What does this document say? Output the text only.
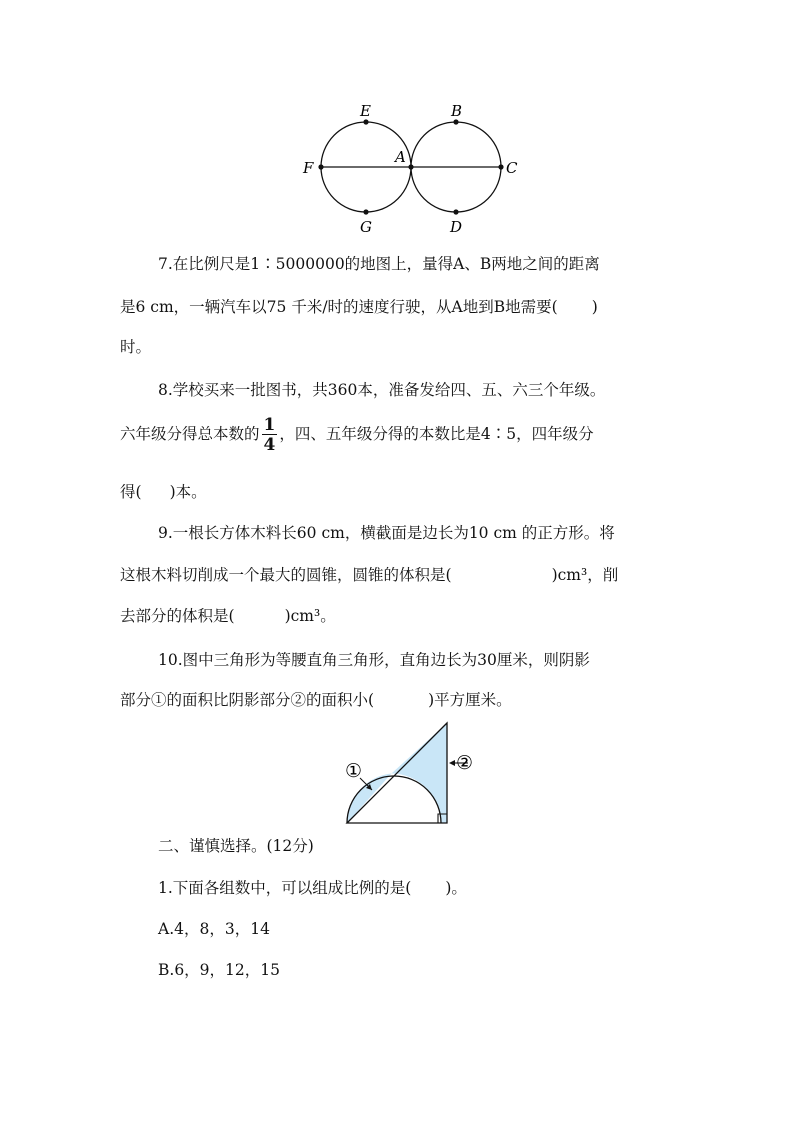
E	B
F
A
C
G	D
7.在比例尺是1∶5000000的地图上，量得A、B两地之间的距离
是6 cm，一辆汽车以75 千米/时的速度行驶，从A地到B地需要( )
时。
8.学校买来一批图书，共360本，准备发给四、五、六三个年级。
六年级分得总本数的 $\frac{1}{4}$ ，四、五年级分得的本数比是4∶5，四年级分
得( )本。
9.一根长方体木料长60 cm，横截面是边长为10 cm 的正方形。将
这根木料切削成一个最大的圆锥，圆锥的体积是(	)cm³，削
去部分的体积是(	)cm³。
10.图中三角形为等腰直角三角形，直角边长为30厘米，则阴影
部分①的面积比阴影部分②的面积小(	)平方厘米。
①	②
二、谨慎选择。(12分)
1.下面各组数中，可以组成比例的是( )。
A.4，8，3，14
B.6，9，12，15
